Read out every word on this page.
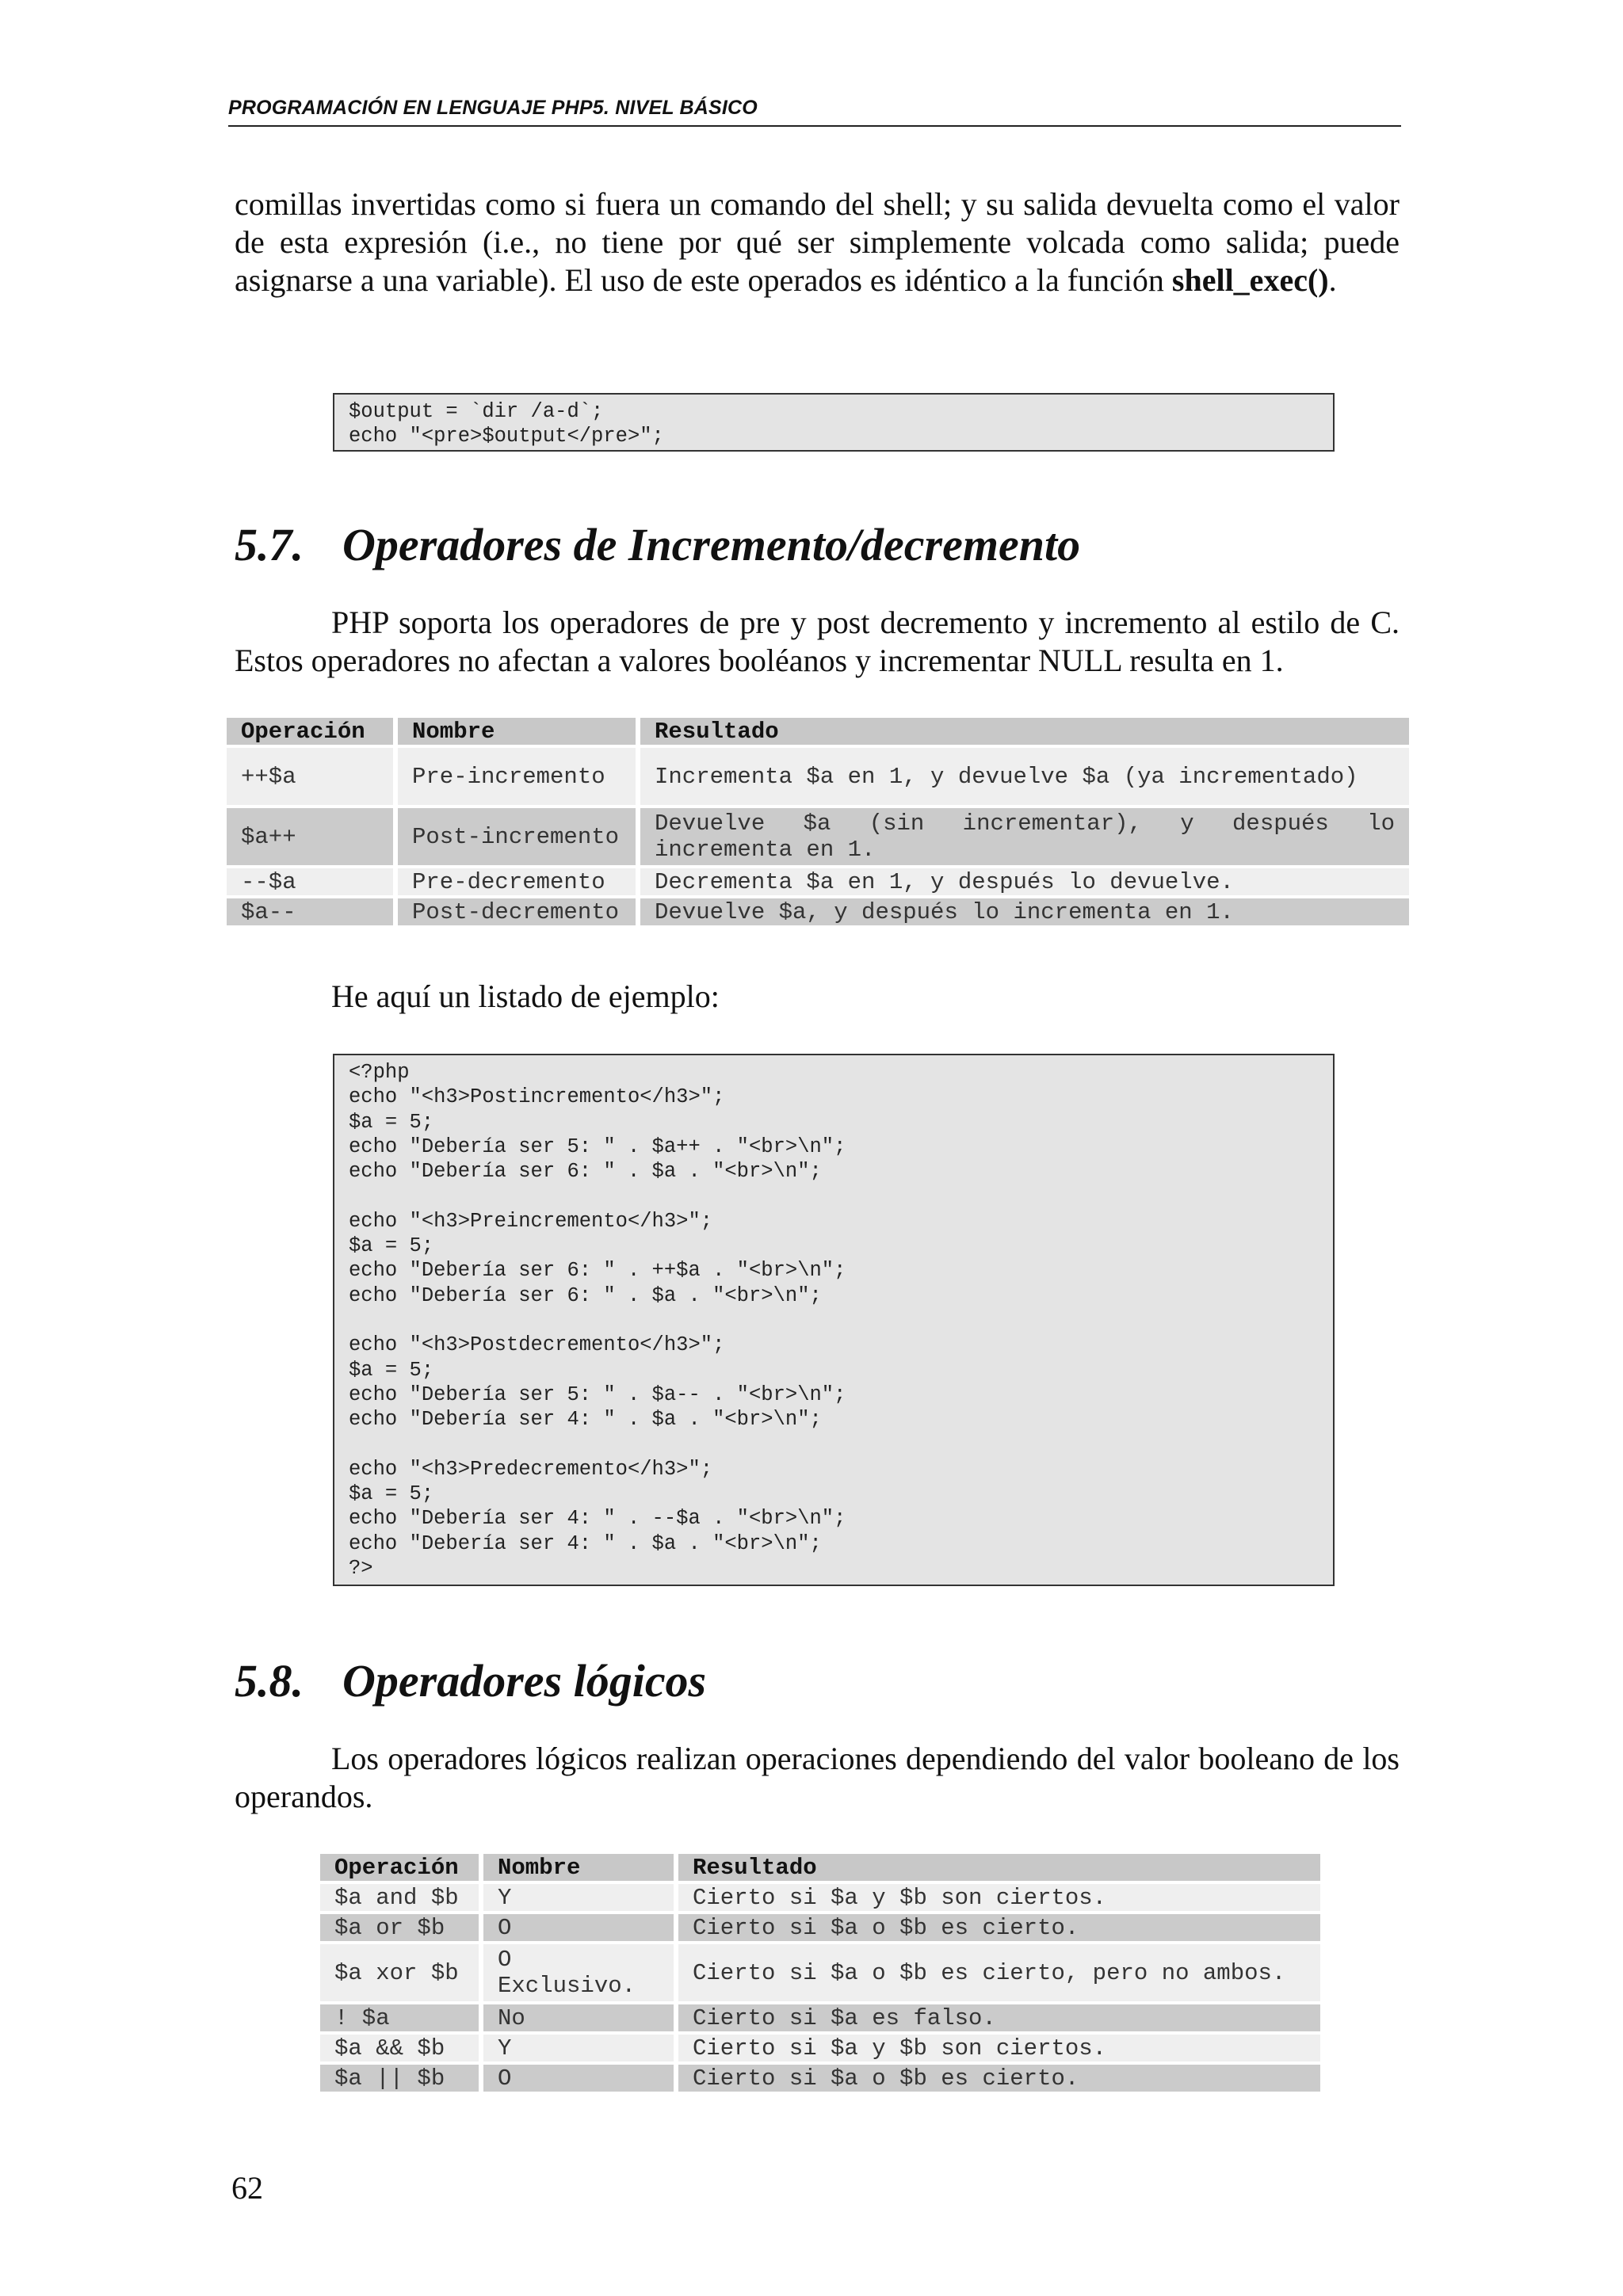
PROGRAMACIÓN EN LENGUAJE PHP5. NIVEL BÁSICO

comillas invertidas como si fuera un comando del shell; y su salida devuelta como el valor de esta expresión (i.e., no tiene por qué ser simplemente volcada como salida; puede asignarse a una variable). El uso de este operados es idéntico a la función shell_exec().

$output = `dir /a-d`;
echo "<pre>$output</pre>";
5.7. Operadores de Incremento/decremento

PHP soporta los operadores de pre y post decremento y incremento al estilo de C. Estos operadores no afectan a valores booléanos y incrementar NULL resulta en 1.

Operación	Nombre	Resultado
++$a	Pre-incremento	Incrementa $a en 1, y devuelve $a (ya incrementado)
$a++	Post-incremento	Devuelve $a (sin incrementar), y después lo incrementa en 1.
--$a	Pre-decremento	Decrementa $a en 1, y después lo devuelve.
$a--	Post-decremento	Devuelve $a, y después lo incrementa en 1.

He aquí un listado de ejemplo:

<?php
echo "<h3>Postincremento</h3>";
$a = 5;
echo "Debería ser 5: " . $a++ . "<br>\n";
echo "Debería ser 6: " . $a . "<br>\n";
echo "<h3>Preincremento</h3>";
$a = 5;
echo "Debería ser 6: " . ++$a . "<br>\n";
echo "Debería ser 6: " . $a . "<br>\n";
echo "<h3>Postdecremento</h3>";
$a = 5;
echo "Debería ser 5: " . $a-- . "<br>\n";
echo "Debería ser 4: " . $a . "<br>\n";
echo "<h3>Predecremento</h3>";
$a = 5;
echo "Debería ser 4: " . --$a . "<br>\n";
echo "Debería ser 4: " . $a . "<br>\n";
?>
5.8. Operadores lógicos

Los operadores lógicos realizan operaciones dependiendo del valor booleano de los operandos.

Operación	Nombre	Resultado
$a and $b	Y	Cierto si $a y $b son ciertos.
$a or $b	O	Cierto si $a o $b es cierto.
$a xor $b	O Exclusivo.	Cierto si $a o $b es cierto, pero no ambos.
! $a	No	Cierto si $a es falso.
$a && $b	Y	Cierto si $a y $b son ciertos.
$a || $b	O	Cierto si $a o $b es cierto.
62
